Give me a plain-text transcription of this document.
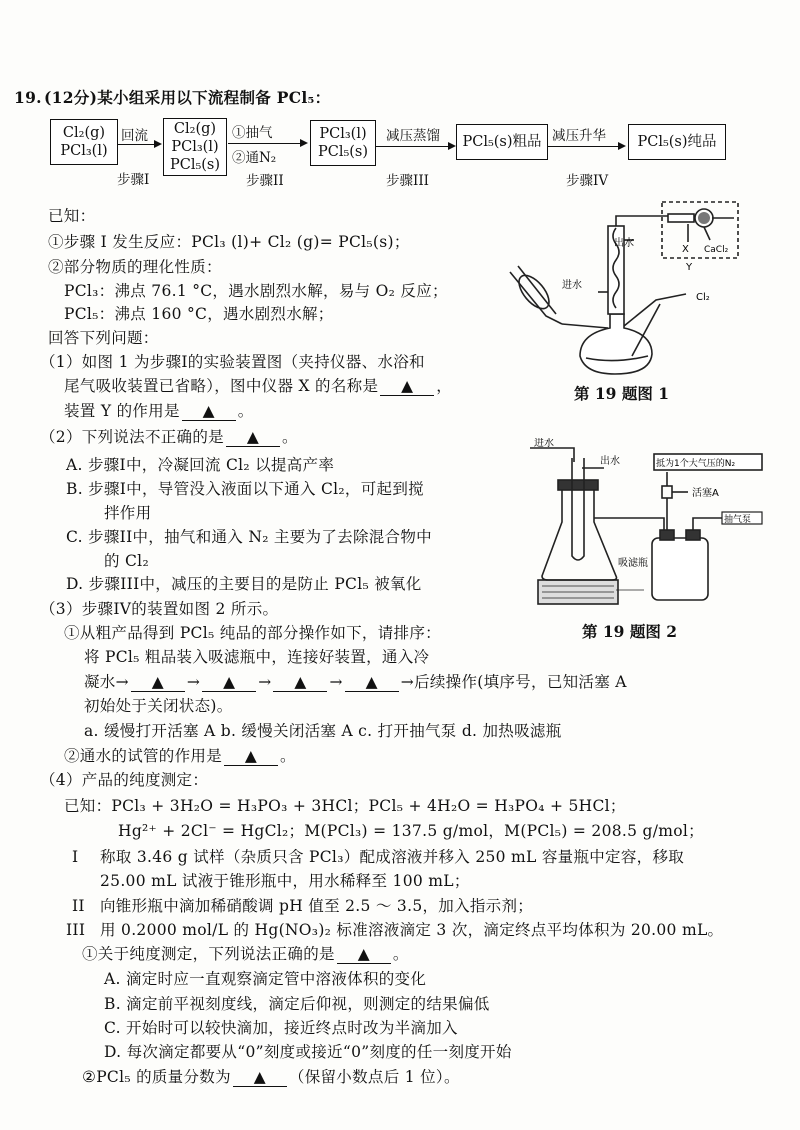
19. (12分)某小组采用以下流程制备 PCl₅：
Cl₂(g)
PCl₃(l)
回流
步骤I
Cl₂(g)
PCl₃(l)
PCl₅(s)
①抽气
②通N₂
步骤II
PCl₃(l)
PCl₅(s)
减压蒸馏
步骤III
PCl₅(s)粗品 减压升华
步骤IV
PCl₅(s)纯品
已知：
①步骤 I 发生反应：PCl₃ (l)+ Cl₂ (g)= PCl₅(s)；
②部分物质的理化性质：
PCl₃：沸点 76.1 °C，遇水剧烈水解，易与 O₂ 反应；
PCl₅：沸点 160 °C，遇水剧烈水解；
回答下列问题：
（1）如图 1 为步骤I的实验装置图（夹持仪器、水浴和
尾气吸收装置已省略），图中仪器 X 的名称是 ▲ ，
装置 Y 的作用是 ▲ 。
（2）下列说法不正确的是 ▲ 。
A. 步骤I中，冷凝回流 Cl₂ 以提高产率
B. 步骤I中，导管没入液面以下通入 Cl₂，可起到搅
拌作用
C. 步骤II中，抽气和通入 N₂ 主要为了去除混合物中
的 Cl₂
D. 步骤III中，减压的主要目的是防止 PCl₅ 被氧化
（3）步骤IV的装置如图 2 所示。
①从粗产品得到 PCl₅ 纯品的部分操作如下，请排序：
将 PCl₅ 粗品装入吸滤瓶中，连接好装置，通入冷
凝水→ ▲ → ▲ → ▲ → ▲ →后续操作(填序号，已知活塞 A
初始处于关闭状态)。
a. 缓慢打开活塞 A b. 缓慢关闭活塞 A c. 打开抽气泵 d. 加热吸滤瓶
②通水的试管的作用是 ▲ 。
（4）产品的纯度测定：
已知：PCl₃ + 3H₂O = H₃PO₃ + 3HCl；PCl₅ + 4H₂O = H₃PO₄ + 5HCl；
Hg²⁺ + 2Cl⁻ = HgCl₂；M(PCl₃) = 137.5 g/mol，M(PCl₅) = 208.5 g/mol；
I 称取 3.46 g 试样（杂质只含 PCl₃）配成溶液并移入 250 mL 容量瓶中定容，移取
25.00 mL 试液于锥形瓶中，用水稀释至 100 mL；
II 向锥形瓶中滴加稀硝酸调 pH 值至 2.5 ～ 3.5，加入指示剂；
III 用 0.2000 mol/L 的 Hg(NO₃)₂ 标准溶液滴定 3 次，滴定终点平均体积为 20.00 mL。
①关于纯度测定，下列说法正确的是 ▲ 。
A. 滴定时应一直观察滴定管中溶液体积的变化
B. 滴定前平视刻度线，滴定后仰视，则测定的结果偏低
C. 开始时可以较快滴加，接近终点时改为半滴加入
D. 每次滴定都要从“0”刻度或接近“0”刻度的任一刻度开始
②PCl₅ 的质量分数为 ▲ （保留小数点后 1 位）。
出水
进水
Cl₂
X CaCl₂
Y
第 19 题图 1
进水
出水	抵为1个大气压的N₂
活塞A
抽气泵
吸滤瓶
第 19 题图 2
